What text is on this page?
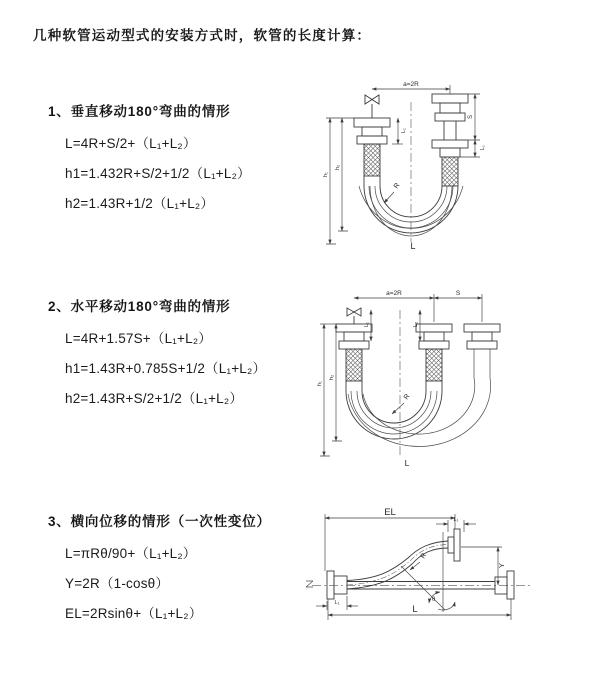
几种软管运动型式的安装方式时，软管的长度计算：

1、垂直移动180°弯曲的情形

L=4R+S/2+（L₁+L₂）

h1=1.432R+S/2+1/2（L₁+L₂）

h2=1.43R+1/2（L₁+L₂）

2、水平移动180°弯曲的情形

L=4R+1.57S+（L₁+L₂）

h1=1.43R+0.785S+1/2（L₁+L₂）

h2=1.43R+S/2+1/2（L₁+L₂）

3、横向位移的情形（一次性变位）

L=πRθ/90+（L₁+L₂）

Y=2R（1-cosθ）

EL=2Rsinθ+（L₁+L₂）

a=2R
R
h₁
h₂
L₁
S
L₂
L
a=2R	S
R
h₁
h₂
L₁	L₂
L
EL
L₁
Y
θ
R
L₁
L
